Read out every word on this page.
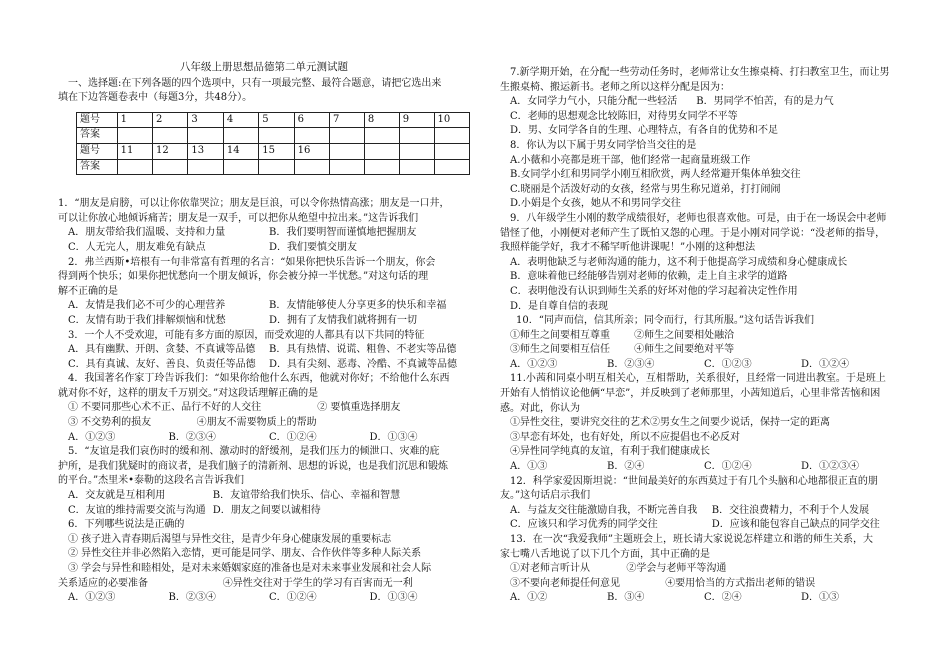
八年级上册思想品德第二单元测试题
一、选择题:在下列各题的四个选项中，只有一项最完整、最符合题意，请把它选出来
填在下边答题卷表中（每题3分，共48分）。
题号	1	2	3	4	5	6	7	8	9	10
答案										
题号	11	12	13	14	15	16				
答案										
1．“朋友是肩膀，可以让你依靠哭泣；朋友是巨浪，可以令你热情高涨；朋友是一口井，
可以让你放心地倾诉痛苦；朋友是一双手，可以把你从绝望中拉出来。”这告诉我们
A．朋友带给我们温暖、支持和力量	B．我们要明智而谨慎地把握朋友
C．人无完人，朋友难免有缺点	D．我们要慎交朋友
2．弗兰西斯•培根有一句非常富有哲理的名言：“如果你把快乐告诉一个朋友，你会
得到两个快乐；如果你把忧愁向一个朋友倾诉，你会被分掉一半忧愁。”对这句话的理
解不正确的是
A．友情是我们必不可少的心理营养	B．友情能够使人分享更多的快乐和幸福
C．友情有助于我们排解烦恼和忧愁	D．拥有了友情我们就将拥有一切
3．一个人不受欢迎，可能有多方面的原因，而受欢迎的人都具有以下共同的特征
A．具有幽默、开朗、贪婪、不真诚等品德	B．具有热情、说谎、粗鲁、不老实等品德
C．具有真诚、友好、善良、负责任等品德	D．具有尖刻、恶毒、冷酷、不真诚等品德
4．我国著名作家丁玲告诉我们：“如果你给他什么东西，他就对你好；不给他什么东西
就对你不好，这样的朋友千万别交。”对这段话理解正确的是
① 不要同那些心术不正、品行不好的人交往	② 要慎重选择朋友
③ 不交势利的损友	④朋友不需要物质上的帮助
A．①②③	B．②③④	C．①②④	D．①③④
5．“友谊是我们哀伤时的缓和剂、激动时的舒缓剂，是我们压力的倾泄口、灾难的庇
护所，是我们犹疑时的商议者，是我们脑子的清新剂、思想的诉说，也是我们沉思和锻炼
的平台。”杰里米•泰勒的这段名言告诉我们
A．交友就是互相利用	B．友谊带给我们快乐、信心、幸福和智慧
C．友谊的维持需要交流与沟通 D．朋友之间要以诚相待
6．下列哪些说法是正确的
① 孩子进入青春期后渴望与异性交往，是青少年身心健康发展的重要标志
② 异性交往并非必然陷入恋情，更可能是同学、朋友、合作伙伴等多种人际关系
③ 学会与异性和睦相处，是对未来婚姻家庭的准备也是对未来事业发展和社会人际
关系适应的必要准备	④异性交往对于学生的学习有百害而无一利
A．①②③	B．②③④	C．①②④	D．①③④
7.新学期开始，在分配一些劳动任务时，老师常让女生擦桌椅、打扫教室卫生，而让男
生搬桌椅、搬运新书。老师之所以这样分配是因为：
A．女同学力气小，只能分配一些轻活	B．男同学不怕苦，有的是力气
C．老师的思想观念比较陈旧，对待男女同学不平等
D．男、女同学各自的生理、心理特点，有各自的优势和不足
8．你认为以下属于男女同学恰当交往的是
A.小薇和小亮都是班干部，他们经常一起商量班级工作
B.女同学小红和男同学小刚互相欣赏，两人经常避开集体单独交往
C.晓丽是个活泼好动的女孩，经常与男生称兄道弟，打打闹闹
D.小娟是个女孩，她从不和男同学交往
9．八年级学生小刚的数学成绩很好，老师也很喜欢他。可是，由于在一场误会中老师
错怪了他，小刚便对老师产生了既怕又怨的心理。于是小刚对同学说：“没老师的指导，
我照样能学好，我才不稀罕听他讲课呢！”小刚的这种想法
A．表明他缺乏与老师沟通的能力，这不利于他提高学习成绩和身心健康成长
B．意味着他已经能够告别对老师的依赖，走上自主求学的道路
C．表明他没有认识到师生关系的好坏对他的学习起着决定性作用
D．是自尊自信的表现
10．“同声而信，信其所亲；同令而行，行其所服。”这句话告诉我们
①师生之间要相互尊重	②师生之间要相处融洽
③师生之间要相互信任	④师生之间要绝对平等
A．①②③	B．②③④	C．①②③	D．①②④
11.小茜和同桌小明互相关心，互相帮助，关系很好，且经常一同进出教室。于是班上
开始有人悄悄议论他俩“早恋”，并反映到了老师那里，小茜知道后，心里非常苦恼和困
惑。对此，你认为
①异性交往，要讲究交往的艺术②男女生之间要少说话，保持一定的距离
③早恋有坏处，也有好处，所以不应提倡也不必反对
④异性同学纯真的友谊，有利于我们健康成长
A．①③	B．②④	C．①②④	D．①②③④
12．科学家爱因斯坦说：“世间最美好的东西莫过于有几个头脑和心地都很正直的朋
友。”这句话启示我们
A．与益友交往能激励自我，不断完善自我	B．交往浪费精力，不利于个人发展
C．应该只和学习优秀的同学交往	D．应该和能包容自己缺点的同学交往
13．在一次“我爱我师”主题班会上，班长请大家说说怎样建立和谐的师生关系，大
家七嘴八舌地说了以下几个方面，其中正确的是
①对老师言听计从	②学会与老师平等沟通
③不要向老师提任何意见	④要用恰当的方式指出老师的错误
A．①②	B．③④	C．②④	D．①③
